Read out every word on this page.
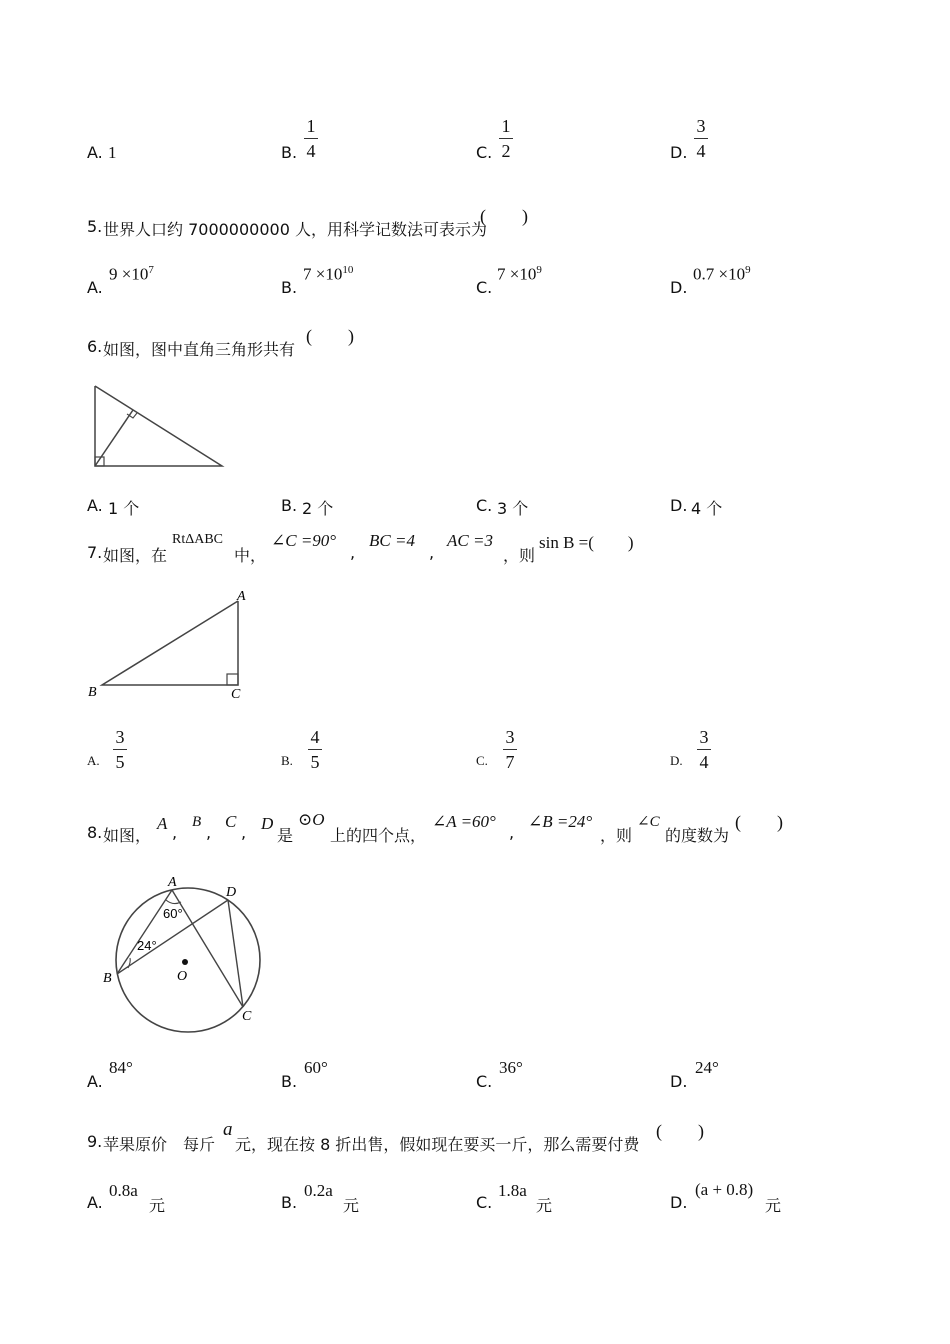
A. 1	B.
1
4	C.
1
2	D.
3
4
5. 世界人口约 7000000000 人，用科学记数法可表示为
(　　)
A.
$9 \times 10^7$
B.
$7 \times 10^{10}$
C.
$7 \times 10^9$
D.
$0.7 \times 10^9$
6. 如图，图中直角三角形共有
(　　)
A. 1 个	B. 2 个	C. 3 个	D. 4 个
7. 如图，在
RtΔABC
中，
∠C =90°
,
BC =4
,
AC =3
，则
sin B =(　　)
A
B	C
A.
3
5	B.
4
5	C.
3
7	D.
3
4
8. 如图，
A ,
B
,
C
, D
是
⊙O
上的四个点，
∠A =60°
,
∠B =24°
，则
∠C
的度数为
(　　)
A
D
B
C
O
60°
24°
A.
84°
B.
60°
C.
36°
D.
24°
9. 苹果原价　每斤
a
元，现在按 8 折出售，假如现在要买一斤，那么需要付费
(　　)
A.
0.8a
元	B.
0.2a
元	C.
1.8a
元	D.
(a + 0.8)
元
